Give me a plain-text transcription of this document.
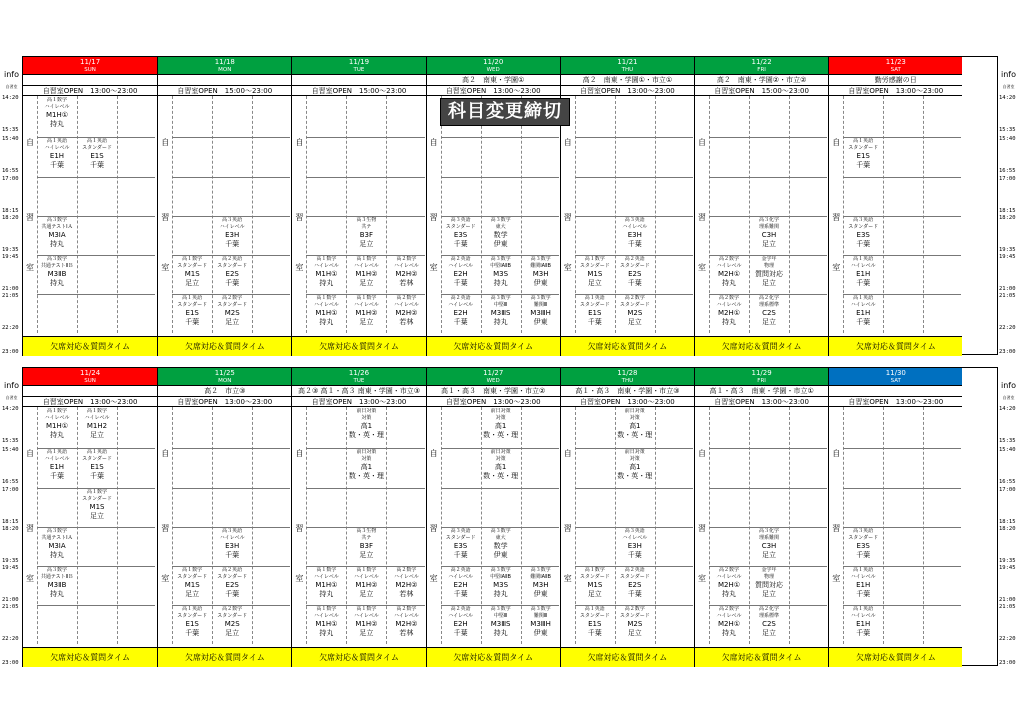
11/17
SUN
自習室OPEN　13:00～23:00
自
習
室
欠席対応＆質問タイム
高１数学
ハイレベル
M1H①
持丸
高１英語
ハイレベル
E1H
千葉
高１英語
スタンダード
E1S
千葉
高３数学
共通テストⅠＡ
M3ⅠA
持丸
高３数学
共通テストⅡＢ
M3ⅡB
持丸
11/18
MON
自習室OPEN　15:00～23:00
自
習
室
欠席対応＆質問タイム
高３英語
ハイレベル
E3H
千葉
高１数学
スタンダード
M1S
足立
高２英語
スタンダード
E2S
千葉
高１英語
スタンダード
E1S
千葉
高２数学
スタンダード
M2S
足立
11/19
TUE
自習室OPEN　15:00～23:00
自
習
室
欠席対応＆質問タイム
高３生物
共テ
B3F
足立
高１数学
ハイレベル
M1H①
持丸
高１数学
ハイレベル
M1H②
足立
高２数学
ハイレベル
M2H②
若林
高１数学
ハイレベル
M1H①
持丸
高１数学
ハイレベル
M1H②
足立
高２数学
ハイレベル
M2H②
若林
11/20
WED
高２　南東・学園①
自習室OPEN　13:00～23:00
自
習
室
欠席対応＆質問タイム
高３英語
スタンダード
E3S
千葉
高３数学
東大
数学
伊東
高２英語
ハイレベル
E2H
千葉
高３数学
中堅ⅠAⅡB
M3S
持丸
高３数学
難関ⅠAⅡB
M3H
伊東
高２英語
ハイレベル
E2H
千葉
高３数学
中堅Ⅲ
M3ⅢS
持丸
高３数学
難関Ⅲ
M3ⅢH
伊東
11/21
THU
高２　南東・学園①・市立①
自習室OPEN　13:00～23:00
自
習
室
欠席対応＆質問タイム
高３英語
ハイレベル
E3H
千葉
高１数学
スタンダード
M1S
足立
高２英語
スタンダード
E2S
千葉
高１英語
スタンダード
E1S
千葉
高２数学
スタンダード
M2S
足立
11/22
FRI
高２　南東・学園②・市立②
自習室OPEN　15:00～23:00
自
習
室
欠席対応＆質問タイム
高３化学
理系難関
C3H
足立
高２数学
ハイレベル
M2H①
持丸
金学年
物理
質問対応
足立
高２数学
ハイレベル
M2H①
持丸
高２化学
理系標準
C2S
足立
11/23
SAT
勤労感謝の日
自習室OPEN　13:00～23:00
自
習
室
欠席対応＆質問タイム
高１英語
スタンダード
E1S
千葉
高３英語
スタンダード
E3S
千葉
高１英語
ハイレベル
E1H
千葉
高１英語
ハイレベル
E1H
千葉
info
自習室
14:20
15:35
15:40
16:55
17:00
18:15
18:20
19:35
19:45
21:00
21:05
22:20
23:00
info
自習室
14:20
15:35
15:40
16:55
17:00
18:15
18:20
19:35
19:45
21:00
21:05
22:20
23:00
科目変更締切
11/24
SUN
自習室OPEN　13:00～23:00
自
習
室
欠席対応＆質問タイム
高１数学
ハイレベル
M1H①
持丸
高１数学
ハイレベル
M1H2
足立
高１英語
ハイレベル
E1H
千葉
高１英語
スタンダード
E1S
千葉
高１数学
スタンダード
M1S
足立
高３数学
共通テストⅠＡ
M3ⅠA
持丸
高３数学
共通テストⅡＢ
M3ⅡB
持丸
11/25
MON
高２　市立③
自習室OPEN　13:00～23:00
自
習
室
欠席対応＆質問タイム
高３英語
ハイレベル
E3H
千葉
高１数学
スタンダード
M1S
足立
高２英語
スタンダード
E2S
千葉
高１英語
スタンダード
E1S
千葉
高２数学
スタンダード
M2S
足立
11/26
TUE
高２③ 高１・高３ 南東・学園・市立③
自習室OPEN　13:00～23:00
自
習
室
欠席対応＆質問タイム
前日対策
対策
高1
数・英・理
前日対策
対策
高1
数・英・理
高３生物
共テ
B3F
足立
高１数学
ハイレベル
M1H①
持丸
高１数学
ハイレベル
M1H②
足立
高２数学
ハイレベル
M2H②
若林
高１数学
ハイレベル
M1H①
持丸
高１数学
ハイレベル
M1H②
足立
高２数学
ハイレベル
M2H②
若林
11/27
WED
高１・高３　南東・学園・市立②
自習室OPEN　13:00～23:00
自
習
室
欠席対応＆質問タイム
前日対策
対策
高1
数・英・理
前日対策
対策
高1
数・英・理
高３英語
スタンダード
E3S
千葉
高３数学
東大
数学
伊東
高２英語
ハイレベル
E2H
千葉
高３数学
中堅ⅠAⅡB
M3S
持丸
高３数学
難関ⅠAⅡB
M3H
伊東
高２英語
ハイレベル
E2H
千葉
高３数学
中堅Ⅲ
M3ⅢS
持丸
高３数学
難関Ⅲ
M3ⅢH
伊東
11/28
THU
高１・高３　南東・学園・市立③
自習室OPEN　13:00～23:00
自
習
室
欠席対応＆質問タイム
前日対策
対策
高1
数・英・理
前日対策
対策
高1
数・英・理
高３英語
ハイレベル
E3H
千葉
高１数学
スタンダード
M1S
足立
高２英語
スタンダード
E2S
千葉
高１英語
スタンダード
E1S
千葉
高２数学
スタンダード
M2S
足立
11/29
FRI
高１・高３　南東・学園・市立①
自習室OPEN　13:00～23:00
自
習
室
欠席対応＆質問タイム
高３化学
理系難関
C3H
足立
高２数学
ハイレベル
M2H①
持丸
金学年
物理
質問対応
足立
高２数学
ハイレベル
M2H①
持丸
高２化学
理系標準
C2S
足立
11/30
SAT
自習室OPEN　13:00～23:00
自
習
室
欠席対応＆質問タイム
高３英語
スタンダード
E3S
千葉
高１英語
ハイレベル
E1H
千葉
高１英語
ハイレベル
E1H
千葉
info
自習室
14:20
15:35
15:40
16:55
17:00
18:15
18:20
19:35
19:45
21:00
21:05
22:20
23:00
info
自習室
14:20
15:35
15:40
16:55
17:00
18:15
18:20
19:35
19:45
21:00
21:05
22:20
23:00
